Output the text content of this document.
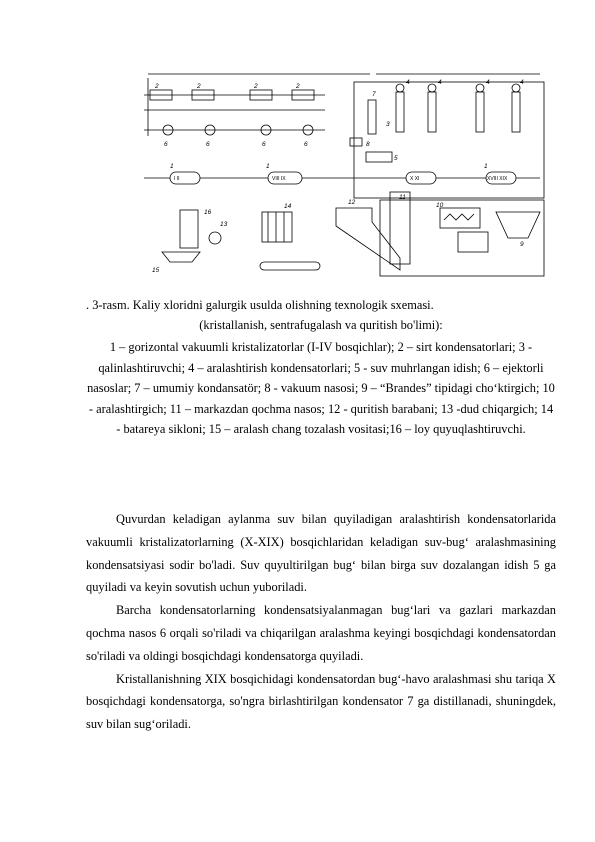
2	2	2	2
6	6	6	6
1	1	1
7
4	4	4	4
3
8
5
11
12	10
9
14
13
16
15
I II	VIII IX	X XI	XVIII XIX
. 3-rasm. Kaliy xloridni galurgik usulda olishning texnologik sxemasi.
(kristallanish, sentrafugalash va quritish bo'limi):
1 – gorizontal vakuumli kristalizatorlar (I-IV bosqichlar); 2 – sirt kondensatorlari; 3 - qalinlashtiruvchi; 4 – aralashtirish kondensatorlari; 5 - suv muhrlangan idish; 6 – ejektorli nasoslar; 7 – umumiy kondansatör; 8 - vakuum nasosi; 9 – “Brandes” tipidagi cho‘ktirgich; 10 - aralashtirgich; 11 – markazdan qochma nasos; 12 - quritish barabani; 13 -dud chiqargich; 14 - batareya sikloni; 15 – aralash chang tozalash vositasi;16 – loy quyuqlashtiruvchi.

Quvurdan keladigan aylanma suv bilan quyiladigan aralashtirish kondensatorlarida vakuumli kristalizatorlarning (X-XIX) bosqichlaridan keladigan suv-bug‘ aralashmasining kondensatsiyasi sodir bo'ladi. Suv quyultirilgan bug‘ bilan birga suv dozalangan idish 5 ga quyiladi va keyin sovutish uchun yuboriladi.

Barcha kondensatorlarning kondensatsiyalanmagan bug‘lari va gazlari markazdan qochma nasos 6 orqali so'riladi va chiqarilgan aralashma keyingi bosqichdagi kondensatordan so'riladi va oldingi bosqichdagi kondensatorga quyiladi.

Kristallanishning XIX bosqichidagi kondensatordan bug‘-havo aralashmasi shu tariqa X bosqichdagi kondensatorga, so'ngra birlashtirilgan kondensator 7 ga distillanadi, shuningdek, suv bilan sug‘oriladi.
